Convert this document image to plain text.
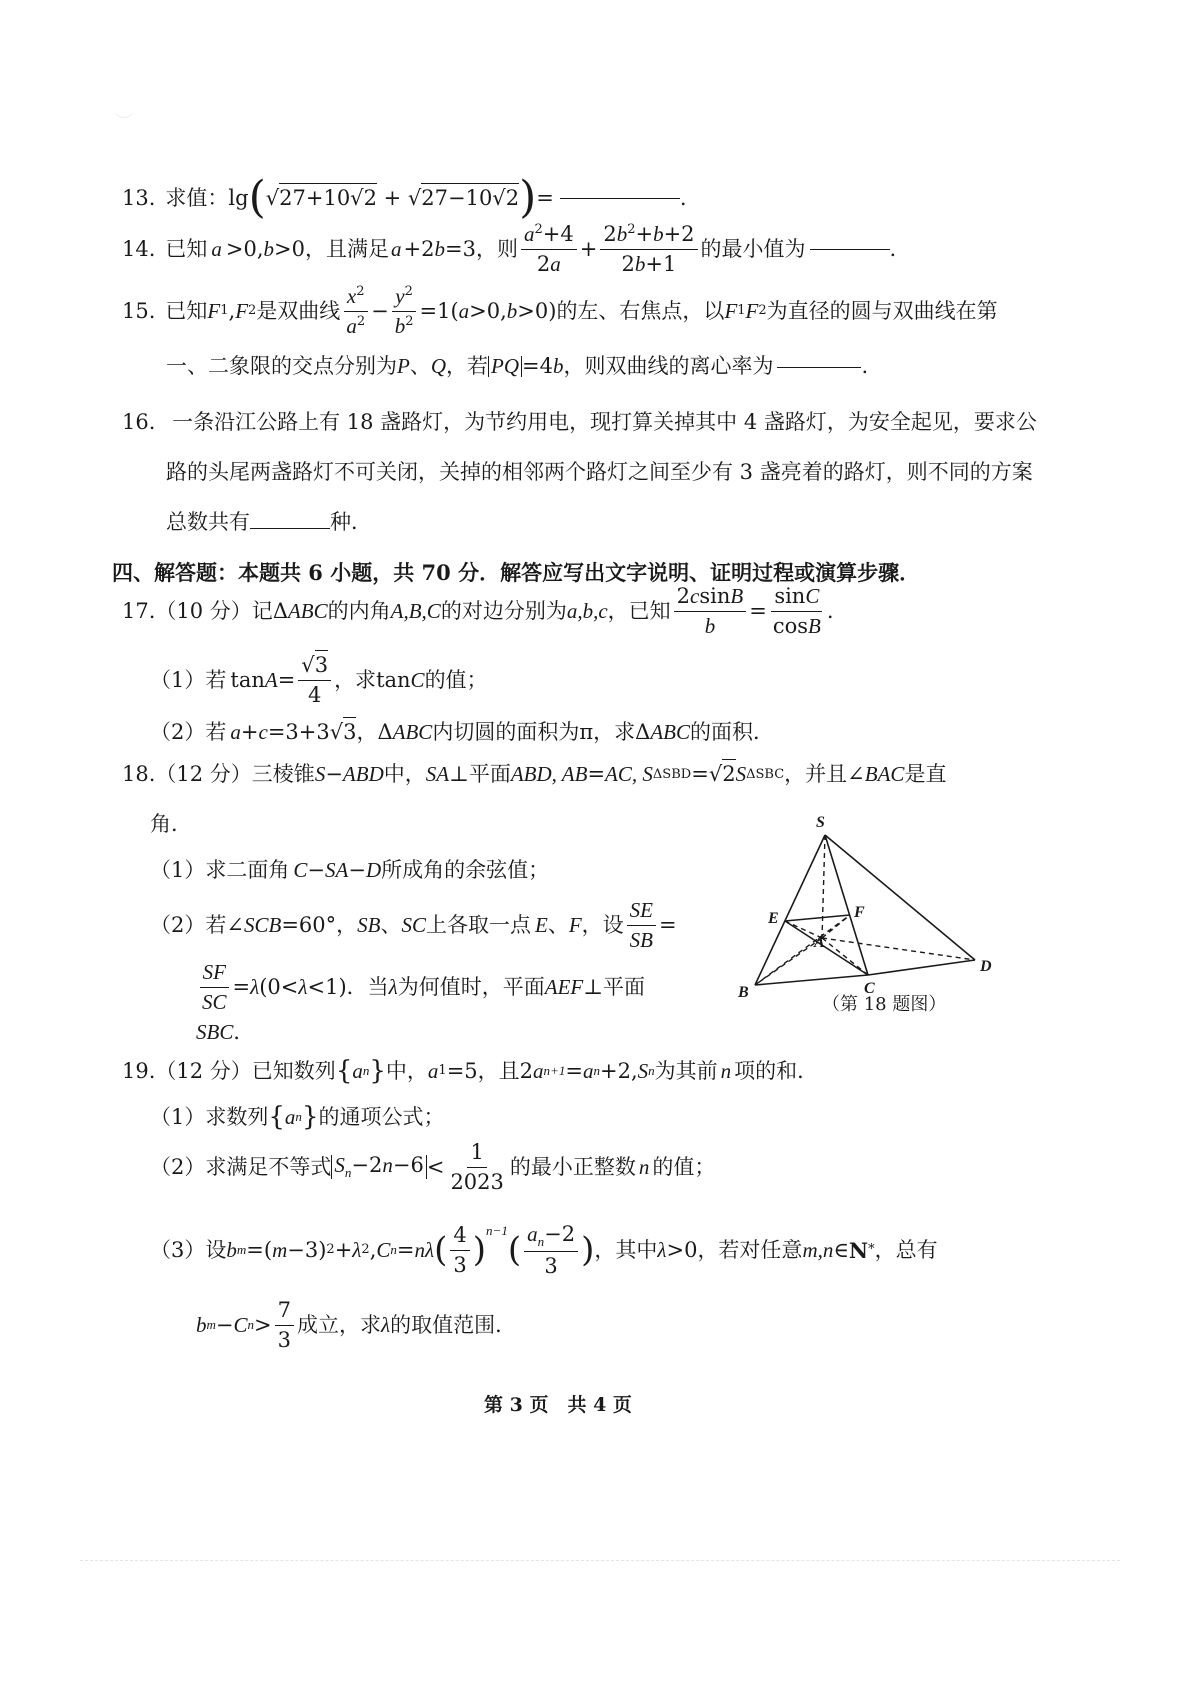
︶
13. 求值： lg ( √27+10√2 + √27−10√2 ) =	.
14. 已知 a >0, b >0 ，且满足 a +2 b =3 ，则 $\frac{a^2+4}{2a} + \frac{2b^2+b+2}{2b+1}$ 的最小值为	.
15. 已知 F 1 , F 2 是双曲线 $\frac{x^2}{a^2} - \frac{y^2}{b^2} =1(a>0,b>0)$ 的左、右焦点，以 F 1 F 2 为直径的圆与双曲线在第
一、二象限的交点分别为 P 、 Q ，若 PQ =4 b ，则双曲线的离心率为	.
16. 一条沿江公路上有 18 盏路灯，为节约用电，现打算关掉其中 4 盏路灯，为安全起见，要求公
路的头尾两盏路灯不可关闭，关掉的相邻两个路灯之间至少有 3 盏亮着的路灯，则不同的方案
总数共有	种．
四、解答题：本题共 6 小题，共 70 分．解答应写出文字说明、证明过程或演算步骤．
17. （10 分）记 Δ ABC 的内角 A,B,C 的对边分别为 a,b,c ，已知 $\frac{2csinB}{b} = \frac{\sin C}{\cos B}$ .
（1）若 $\tan A = \frac{√3}{4}$ ，求 tan C 的值；
（2）若 a + c =3+3√3 ， Δ ABC 内切圆的面积为π，求 Δ ABC 的面积．
18. （12 分）三棱锥 S − ABD 中， SA ⊥ 平面 ABD, AB = AC, S ΔSBD =√2 S ΔSBC ，并且 ∠ BAC 是直
角．
（1）求二面角 C − SA − D 所成角的余弦值；
（2）若 ∠ SCB =60° ， SB 、 SC 上各取一点 E 、 F ，设 $\frac{SE}{SB}$ =
$\frac{SF}{SC} = \lambda$ (0< λ <1) ．当 λ 为何值时，平面 AEF ⊥ 平面
SBC．
S
E	F
A
B	C
D
（第 18 题图）
19. （12 分）已知数列 { a n } 中， a 1 =5 ，且 2 a n+1 = a n +2, S n 为其前 n 项的和．
（1）求数列 { a n } 的通项公式；
（2）求满足不等式 $S_n-2n-6 < \frac{1}{2023}$ 的最小正整数 n 的值；
（3）设 b m =( m −3) 2 + λ 2 , C n = nλ ( $\frac{4}{3} )^{n-1}$ ( $\frac{a_n-2}{3}$ ) ，其中 λ >0 ，若对任意 m,n ∈ N * ，总有
b m − C $n > \frac{7}{3}$ 成立，求 λ 的取值范围．
第 3 页　共 4 页
